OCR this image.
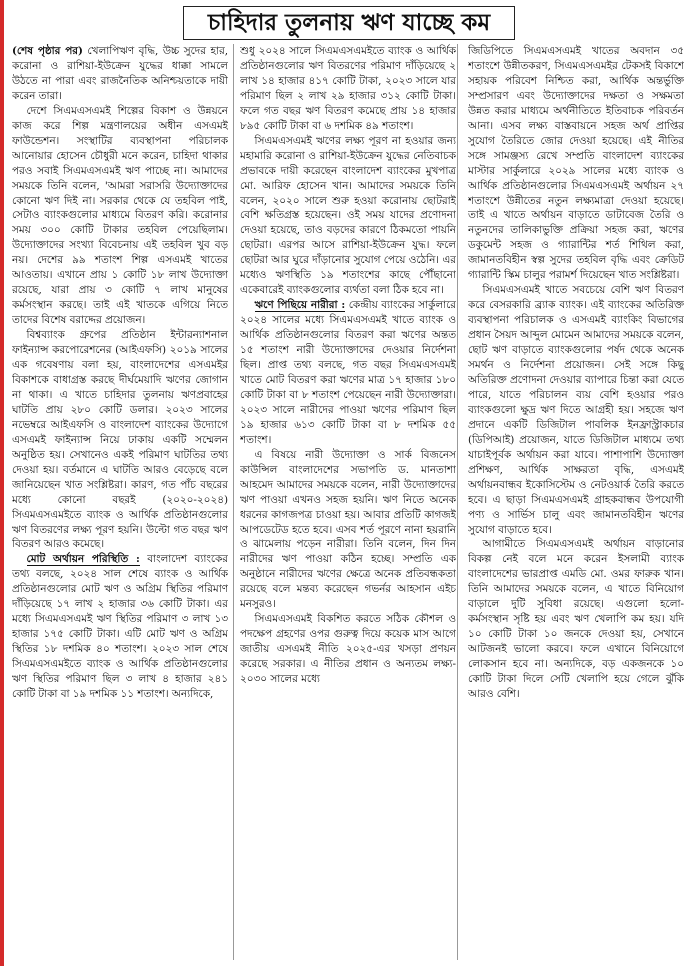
চাহিদার তুলনায় ঋণ যাচ্ছে কম

(শেষ পৃষ্ঠার পর) খেলাপিঋণ বৃদ্ধি, উচ্চ সুদের হার, করোনা ও রাশিয়া-ইউক্রেন যুদ্ধের ধাক্কা সামলে উঠতে না পারা এবং রাজনৈতিক অনিশ্চয়তাকে দায়ী করেন তারা।

দেশে সিএমএসএমই শিল্পের বিকাশ ও উন্নয়নে কাজ করে শিল্প মন্ত্রণালয়ের অধীন এসএমই ফাউন্ডেশন। সংস্থাটির ব্যবস্থাপনা পরিচালক আনোয়ার হোসেন চৌধুরী মনে করেন, চাহিদা থাকার পরও সবাই সিএমএসএমই ঋণ পাচ্ছে না। আমাদের সময়কে তিনি বলেন, 'আমরা সরাসরি উদ্যোক্তাদের কোনো ঋণ দিই না। সরকার থেকে যে তহবিল পাই, সেটাও ব্যাংকগুলোর মাধ্যমে বিতরণ করি। করোনার সময় ৩০০ কোটি টাকার তহবিল পেয়েছিলাম। উদ্যোক্তাদের সংখ্যা বিবেচনায় এই তহবিল খুব বড় নয়। দেশের ৯৯ শতাংশ শিল্প এসএমই খাতের আওতায়। এখানে প্রায় ১ কোটি ১৮ লাখ উদ্যোক্তা রয়েছে, যারা প্রায় ৩ কোটি ৭ লাখ মানুষের কর্মসংস্থান করছে। তাই এই খাতকে এগিয়ে নিতে তাদের বিশেষ বরাদ্দের প্রয়োজন।

বিশ্বব্যাংক গ্রুপের প্রতিষ্ঠান ইন্টারন্যাশনাল ফাইন্যান্স করপোরেশনের (আইএফসি) ২০১৯ সালের এক গবেষণায় বলা হয়, বাংলাদেশের এসএমইর বিকাশকে বাধাগ্রস্ত করছে দীর্ঘমেয়াদি ঋণের জোগান না থাকা। এ খাতে চাহিদার তুলনায় ঋণপ্রবাহের ঘাটতি প্রায় ২৮০ কোটি ডলার। ২০২৩ সালের নভেম্বরে আইএফসি ও বাংলাদেশ ব্যাংকের উদ্যোগে এসএমই ফাইন্যান্স নিয়ে ঢাকায় একটি সম্মেলন অনুষ্ঠিত হয়। সেখানেও একই পরিমাণ ঘাটতির তথ্য দেওয়া হয়। বর্তমানে এ ঘাটতি আরও বেড়েছে বলে জানিয়েছেন খাত সংশ্লিষ্টরা। কারণ, গত পাঁচ বছরের মধ্যে কোনো বছরই (২০২০-২০২৪) সিএমএসএমইতে ব্যাংক ও আর্থিক প্রতিষ্ঠানগুলোর ঋণ বিতরণের লক্ষ্য পূরণ হয়নি। উল্টো গত বছর ঋণ বিতরণ আরও কমেছে।

মোট অর্থায়ন পরিস্থিতি : বাংলাদেশ ব্যাংকের তথ্য বলছে, ২০২৪ সাল শেষে ব্যাংক ও আর্থিক প্রতিষ্ঠানগুলোর মোট ঋণ ও অগ্রিম স্থিতির পরিমাণ দাঁড়িয়েছে ১৭ লাখ ২ হাজার ৩৬ কোটি টাকা। এর মধ্যে সিএমএসএমই ঋণ স্থিতির পরিমাণ ৩ লাখ ১৩ হাজার ১৭৫ কোটি টাকা। এটি মোট ঋণ ও অগ্রিম স্থিতির ১৮ দশমিক ৪০ শতাংশ। ২০২৩ সাল শেষে সিএমএসএমইতে ব্যাংক ও আর্থিক প্রতিষ্ঠানগুলোর ঋণ স্থিতির পরিমাণ ছিল ৩ লাখ ৪ হাজার ২৪১ কোটি টাকা বা ১৯ দশমিক ১১ শতাংশ। অন্যদিকে,

শুধু ২০২৪ সালে সিএমএসএমইতে ব্যাংক ও আর্থিক প্রতিষ্ঠানগুলোর ঋণ বিতরণের পরিমাণ দাঁড়িয়েছে ২ লাখ ১৪ হাজার ৪১৭ কোটি টাকা, ২০২৩ সালে যার পরিমাণ ছিল ২ লাখ ২৯ হাজার ৩১২ কোটি টাকা। ফলে গত বছর ঋণ বিতরণ কমেছে প্রায় ১৪ হাজার ৮৯৫ কোটি টাকা বা ৬ দশমিক ৪৯ শতাংশ।

সিএমএসএমই ঋণের লক্ষ্য পূরণ না হওয়ার জন্য মহামারি করোনা ও রাশিয়া-ইউক্রেন যুদ্ধের নেতিবাচক প্রভাবকে দায়ী করেছেন বাংলাদেশ ব্যাংকের মুখপাত্র মো. আরিফ হোসেন খান। আমাদের সময়কে তিনি বলেন, ২০২০ সালে শুরু হওয়া করোনায় ছোটরাই বেশি ক্ষতিগ্রস্ত হয়েছেন। ওই সময় যাদের প্রণোদনা দেওয়া হয়েছে, তাও বড়দের কারণে ঠিকমতো পায়নি ছোটরা। এরপর আসে রাশিয়া-ইউক্রেন যুদ্ধ। ফলে ছোটরা আর ঘুরে দাঁড়ানোর সুযোগ পেয়ে ওঠেনি। এর মধ্যেও ঋণস্থিতি ১৯ শতাংশের কাছে পৌঁছানো একেবারেই ব্যাংকগুলোর ব্যর্থতা বলা ঠিক হবে না।

ঋণে পিছিয়ে নারীরা : কেন্দ্রীয় ব্যাংকের সার্কুলারে ২০২৪ সালের মধ্যে সিএমএসএমই খাতে ব্যাংক ও আর্থিক প্রতিষ্ঠানগুলোর বিতরণ করা ঋণের অন্তত ১৫ শতাংশ নারী উদ্যোক্তাদের দেওয়ার নির্দেশনা ছিল। প্রাপ্ত তথ্য বলছে, গত বছর সিএমএসএমই খাতে মোট বিতরণ করা ঋণের মাত্র ১৭ হাজার ১৮০ কোটি টাকা বা ৮ শতাংশ পেয়েছেন নারী উদ্যোক্তারা। ২০২৩ সালে নারীদের পাওয়া ঋণের পরিমাণ ছিল ১৯ হাজার ৬১৩ কোটি টাকা বা ৮ দশমিক ৫৫ শতাংশ।

এ বিষয়ে নারী উদ্যোক্তা ও সার্ক বিজনেস কাউন্সিল বাংলাদেশের সভাপতি ড. মানতাশা আহমেদ আমাদের সময়কে বলেন, নারী উদ্যোক্তাদের ঋণ পাওয়া এখনও সহজ হয়নি। ঋণ নিতে অনেক ধরনের কাগজপত্র চাওয়া হয়। আবার প্রতিটি কাগজই আপডেটেড হতে হবে। এসব শর্ত পূরণে নানা হয়রানি ও ঝামেলায় পড়েন নারীরা। তিনি বলেন, দিন দিন নারীদের ঋণ পাওয়া কঠিন হচ্ছে। সম্প্রতি এক অনুষ্ঠানে নারীদের ঋণের ক্ষেত্রে অনেক প্রতিবন্ধকতা রয়েছে বলে মন্তব্য করেছেন গভর্নর আহসান এইচ মনসুরও।

সিএমএসএমই বিকশিত করতে সঠিক কৌশল ও পদক্ষেপ গ্রহণের ওপর গুরুত্ব দিয়ে কয়েক মাস আগে জাতীয় এসএমই নীতি ২০২৫-এর খসড়া প্রণয়ন করেছে সরকার। এ নীতির প্রধান ও অন্যতম লক্ষ্য- ২০৩০ সালের মধ্যে

জিডিপিতে সিএমএসএমই খাতের অবদান ৩৫ শতাংশে উন্নীতকরণ, সিএমএসএমইর টেকসই বিকাশে সহায়ক পরিবেশ নিশ্চিত করা, আর্থিক অন্তর্ভুক্তি সম্প্রসারণ এবং উদ্যোক্তাদের দক্ষতা ও সক্ষমতা উন্নত করার মাধ্যমে অর্থনীতিতে ইতিবাচক পরিবর্তন আনা। এসব লক্ষ্য বাস্তবায়নে সহজ অর্থ প্রাপ্তির সুযোগ তৈরিতে জোর দেওয়া হয়েছে। এই নীতির সঙ্গে সামঞ্জস্য রেখে সম্প্রতি বাংলাদেশ ব্যাংকের মাস্টার সার্কুলারে ২০২৯ সালের মধ্যে ব্যাংক ও আর্থিক প্রতিষ্ঠানগুলোর সিএমএসএমই অর্থায়ন ২৭ শতাংশে উন্নীতের নতুন লক্ষ্যমাত্রা দেওয়া হয়েছে। তাই এ খাতে অর্থায়ন বাড়াতে ডাটাবেজ তৈরি ও নতুনদের তালিকাভুক্তি প্রক্রিয়া সহজ করা, ঋণের ডকুমেন্ট সহজ ও গ্যারান্টির শর্ত শিথিল করা, জামানতবিহীন স্বল্প সুদের তহবিল বৃদ্ধি এবং ক্রেডিট গ্যারান্টি স্কিম চালুর পরামর্শ দিয়েছেন খাত সংশ্লিষ্টরা।

সিএমএসএমই খাতে সবচেয়ে বেশি ঋণ বিতরণ করে বেসরকারি ব্র্যাক ব্যাংক। এই ব্যাংকের অতিরিক্ত ব্যবস্থাপনা পরিচালক ও এসএমই ব্যাংকিং বিভাগের প্রধান সৈয়দ আব্দুল মোমেন আমাদের সময়কে বলেন, ছোট ঋণ বাড়াতে ব্যাংকগুলোর পর্ষদ থেকে অনেক সমর্থন ও নির্দেশনা প্রয়োজন। সেই সঙ্গে কিছু অতিরিক্ত প্রণোদনা দেওয়ার ব্যাপারে চিন্তা করা যেতে পারে, যাতে পরিচালন ব্যয় বেশি হওয়ার পরও ব্যাংকগুলো ক্ষুদ্র ঋণ দিতে আগ্রহী হয়। সহজে ঋণ প্রদানে একটি ডিজিটাল পাবলিক ইনফ্রাস্ট্রাকচার (ডিপিআই) প্রয়োজন, যাতে ডিজিটাল মাধ্যমে তথ্য যাচাইপূর্বক অর্থায়ন করা যাবে। পাশাপাশি উদ্যোক্তা প্রশিক্ষণ, আর্থিক সাক্ষরতা বৃদ্ধি, এসএমই অর্থায়নবান্ধব ইকোসিস্টেম ও নেটওয়ার্ক তৈরি করতে হবে। এ ছাড়া সিএমএসএমই গ্রাহকবান্ধব উপযোগী পণ্য ও সার্ভিস চালু এবং জামানতবিহীন ঋণের সুযোগ বাড়াতে হবে।

আগামীতে সিএমএসএমই অর্থায়ন বাড়ানোর বিকল্প নেই বলে মনে করেন ইসলামী ব্যাংক বাংলাদেশের ভারপ্রাপ্ত এমডি মো. ওমর ফারুক খান। তিনি আমাদের সময়কে বলেন, এ খাতে বিনিয়োগ বাড়ালে দুটি সুবিধা রয়েছে। এগুলো হলো- কর্মসংস্থান সৃষ্টি হয় এবং ঋণ খেলাপি কম হয়। যদি ১০ কোটি টাকা ১০ জনকে দেওয়া হয়, সেখানে আটজনই ভালো করবে। ফলে এখানে বিনিয়োগে লোকসান হবে না। অন্যদিকে, বড় একজনকে ১০ কোটি টাকা দিলে সেটি খেলাপি হয়ে গেলে ঝুঁকি আরও বেশি।
